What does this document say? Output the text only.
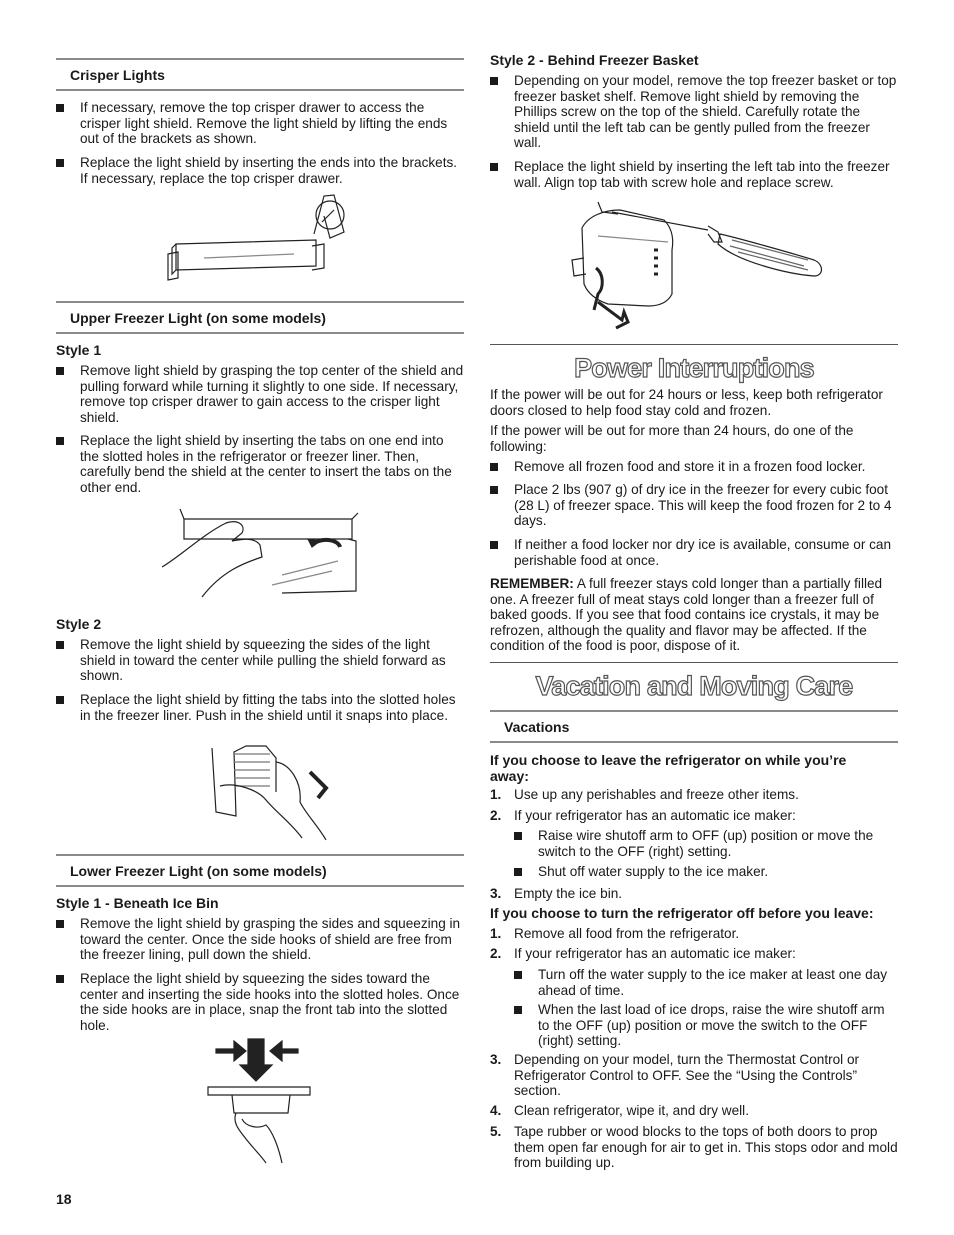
Crisper Lights
If necessary, remove the top crisper drawer to access the crisper light shield. Remove the light shield by lifting the ends out of the brackets as shown.
Replace the light shield by inserting the ends into the brackets. If necessary, replace the top crisper drawer.
Upper Freezer Light (on some models)
Style 1
Remove light shield by grasping the top center of the shield and pulling forward while turning it slightly to one side. If necessary, remove top crisper drawer to gain access to the crisper light shield.
Replace the light shield by inserting the tabs on one end into the slotted holes in the refrigerator or freezer liner. Then, carefully bend the shield at the center to insert the tabs on the other end.
Style 2
Remove the light shield by squeezing the sides of the light shield in toward the center while pulling the shield forward as shown.
Replace the light shield by fitting the tabs into the slotted holes in the freezer liner. Push in the shield until it snaps into place.
Lower Freezer Light (on some models)
Style 1 - Beneath Ice Bin
Remove the light shield by grasping the sides and squeezing in toward the center. Once the side hooks of shield are free from the freezer lining, pull down the shield.
Replace the light shield by squeezing the sides toward the center and inserting the side hooks into the slotted holes. Once the side hooks are in place, snap the front tab into the slotted hole.
Style 2 - Behind Freezer Basket
Depending on your model, remove the top freezer basket or top freezer basket shelf. Remove light shield by removing the Phillips screw on the top of the shield. Carefully rotate the shield until the left tab can be gently pulled from the freezer wall.
Replace the light shield by inserting the left tab into the freezer wall. Align top tab with screw hole and replace screw.
Power Interruptions
If the power will be out for 24 hours or less, keep both refrigerator doors closed to help food stay cold and frozen.
If the power will be out for more than 24 hours, do one of the following:
Remove all frozen food and store it in a frozen food locker.
Place 2 lbs (907 g) of dry ice in the freezer for every cubic foot (28 L) of freezer space. This will keep the food frozen for 2 to 4 days.
If neither a food locker nor dry ice is available, consume or can perishable food at once.
REMEMBER: A full freezer stays cold longer than a partially filled one. A freezer full of meat stays cold longer than a freezer full of baked goods. If you see that food contains ice crystals, it may be refrozen, although the quality and flavor may be affected. If the condition of the food is poor, dispose of it.
Vacation and Moving Care
Vacations
If you choose to leave the refrigerator on while you’re away:
1. Use up any perishables and freeze other items.
2. If your refrigerator has an automatic ice maker:
Raise wire shutoff arm to OFF (up) position or move the switch to the OFF (right) setting.
Shut off water supply to the ice maker.
3. Empty the ice bin.
If you choose to turn the refrigerator off before you leave:
1. Remove all food from the refrigerator.
2. If your refrigerator has an automatic ice maker:
Turn off the water supply to the ice maker at least one day ahead of time.
When the last load of ice drops, raise the wire shutoff arm to the OFF (up) position or move the switch to the OFF (right) setting.
3. Depending on your model, turn the Thermostat Control or Refrigerator Control to OFF. See the “Using the Controls” section.
4. Clean refrigerator, wipe it, and dry well.
5. Tape rubber or wood blocks to the tops of both doors to prop them open far enough for air to get in. This stops odor and mold from building up.
18
